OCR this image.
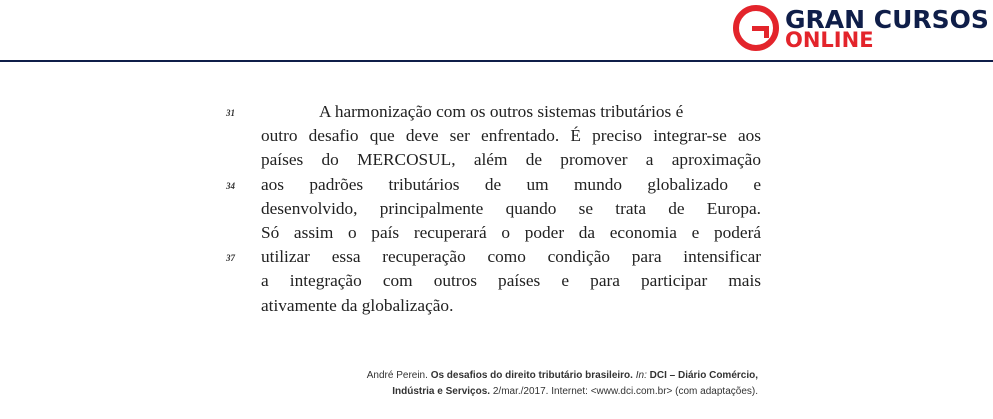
GRAN CURSOS
ONLINE
31	A harmonização com os outros sistemas tributários é
outro desafio que deve ser enfrentado. É preciso integrar-se aos
países do MERCOSUL, além de promover a aproximação
34 aos padrões tributários de um mundo globalizado e
desenvolvido, principalmente quando se trata de Europa.
Só assim o país recuperará o poder da economia e poderá
37 utilizar essa recuperação como condição para intensificar
a integração com outros países e para participar mais
ativamente da globalização.
André Perein. Os desafios do direito tributário brasileiro. In: DCI – Diário Comércio,
Indústria e Serviços. 2/mar./2017. Internet: <www.dci.com.br> (com adaptações).
